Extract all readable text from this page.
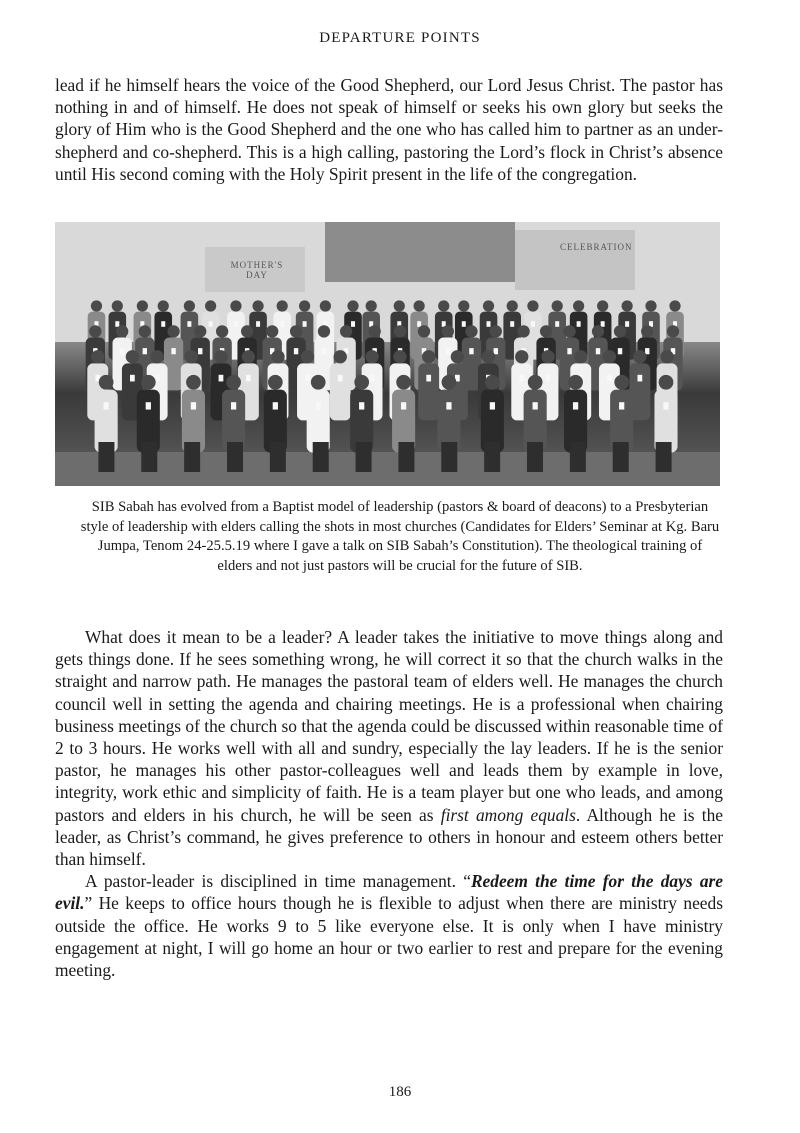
DEPARTURE POINTS

lead if he himself hears the voice of the Good Shepherd, our Lord Jesus Christ. The pastor has nothing in and of himself. He does not speak of himself or seeks his own glory but seeks the glory of Him who is the Good Shepherd and the one who has called him to partner as an under-shepherd and co-shepherd. This is a high calling, pastoring the Lord’s flock in Christ’s absence until His second coming with the Holy Spirit present in the life of the congregation.

MOTHER'S
DAY
CELEBRATION
SIB Sabah has evolved from a Baptist model of leadership (pastors & board of deacons) to a Presbyterian style of leadership with elders calling the shots in most churches (Candidates for Elders’ Seminar at Kg. Baru Jumpa, Tenom 24-25.5.19 where I gave a talk on SIB Sabah’s Constitution). The theological training of elders and not just pastors will be crucial for the future of SIB.

What does it mean to be a leader? A leader takes the initiative to move things along and gets things done. If he sees something wrong, he will correct it so that the church walks in the straight and narrow path. He manages the pastoral team of elders well. He manages the church council well in setting the agenda and chairing meetings. He is a professional when chairing business meetings of the church so that the agenda could be discussed within reasonable time of 2 to 3 hours. He works well with all and sundry, especially the lay leaders. If he is the senior pastor, he manages his other pastor-colleagues well and leads them by example in love, integrity, work ethic and simplicity of faith. He is a team player but one who leads, and among pastors and elders in his church, he will be seen as first among equals. Although he is the leader, as Christ’s command, he gives preference to others in honour and esteem others better than himself.

A pastor-leader is disciplined in time management. “Redeem the time for the days are evil.” He keeps to office hours though he is flexible to adjust when there are ministry needs outside the office. He works 9 to 5 like everyone else. It is only when I have ministry engagement at night, I will go home an hour or two earlier to rest and prepare for the evening meeting.

186
